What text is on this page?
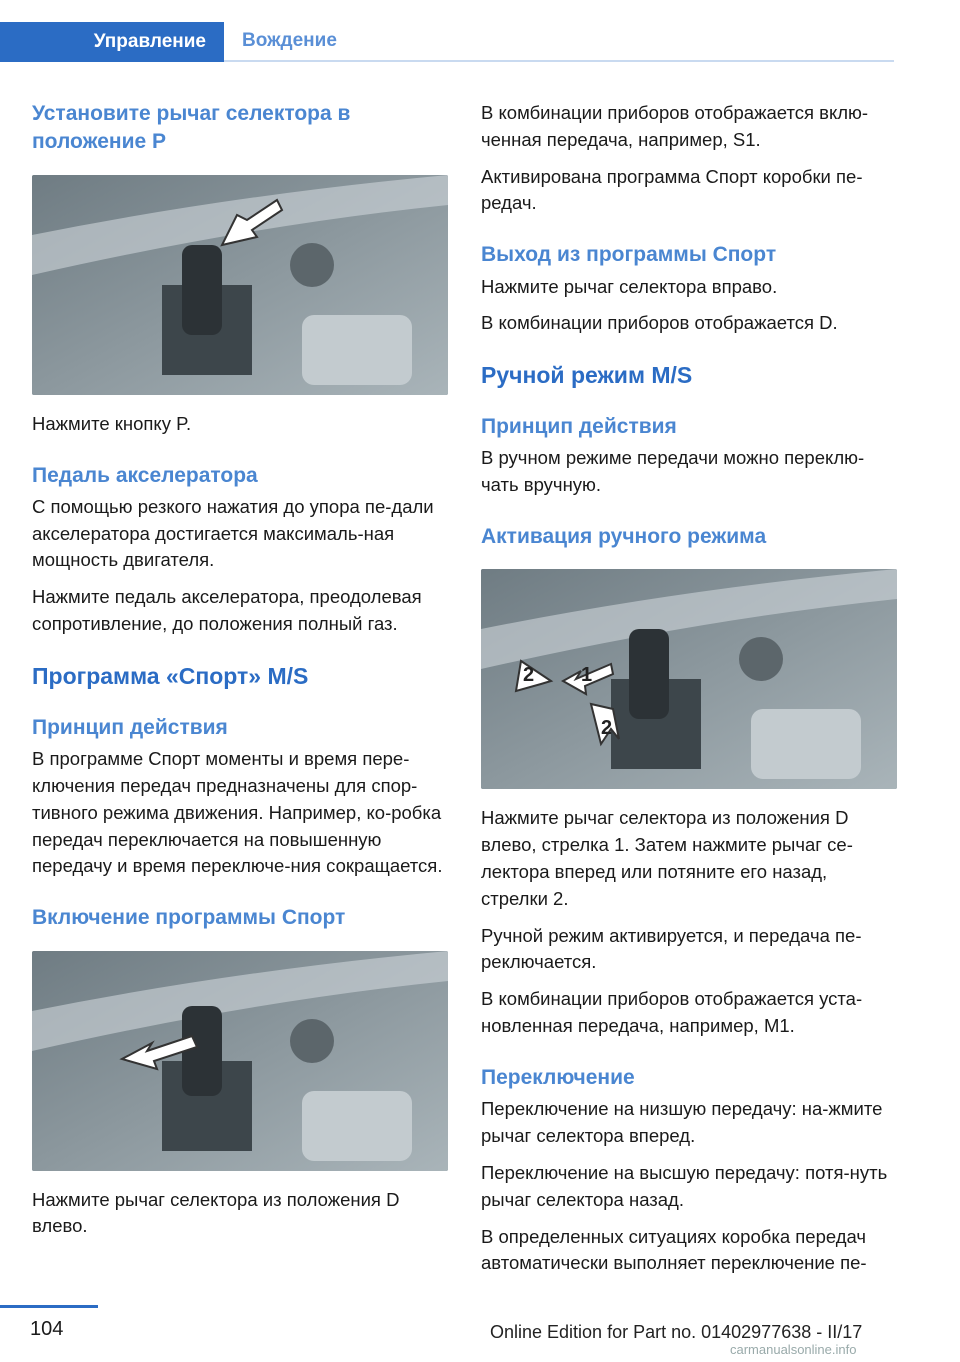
Управление	Вождение
Установите рычаг селектора в положение P

Нажмите кнопку P.

Педаль акселератора

С помощью резкого нажатия до упора пе‐дали акселератора достигается максималь‐ная мощность двигателя.

Нажмите педаль акселератора, преодолевая сопротивление, до положения полный газ.

Программа «Спорт» M/S
Принцип действия

В программе Спорт моменты и время пере‐ключения передач предназначены для спор‐тивного режима движения. Например, ко‐робка передач переключается на повышенную передачу и время переключе‐ния сокращается.

Включение программы Спорт

Нажмите рычаг селектора из положения D влево.

В комбинации приборов отображается вклю‐ченная передача, например, S1.

Активирована программа Спорт коробки пе‐редач.

Выход из программы Спорт

Нажмите рычаг селектора вправо.

В комбинации приборов отображается D.

Ручной режим M/S
Принцип действия

В ручном режиме передачи можно переклю‐чать вручную.

Активация ручного режима
1
2
2

Нажмите рычаг селектора из положения D влево, стрелка 1. Затем нажмите рычаг се‐лектора вперед или потяните его назад, стрелки 2.

Ручной режим активируется, и передача пе‐реключается.

В комбинации приборов отображается уста‐новленная передача, например, M1.

Переключение

Переключение на низшую передачу: на‐жмите рычаг селектора вперед.

Переключение на высшую передачу: потя‐нуть рычаг селектора назад.

В определенных ситуациях коробка передач автоматически выполняет переключение пе‐

104	Online Edition for Part no. 01402977638 - II/17
carmanualsonline.info
